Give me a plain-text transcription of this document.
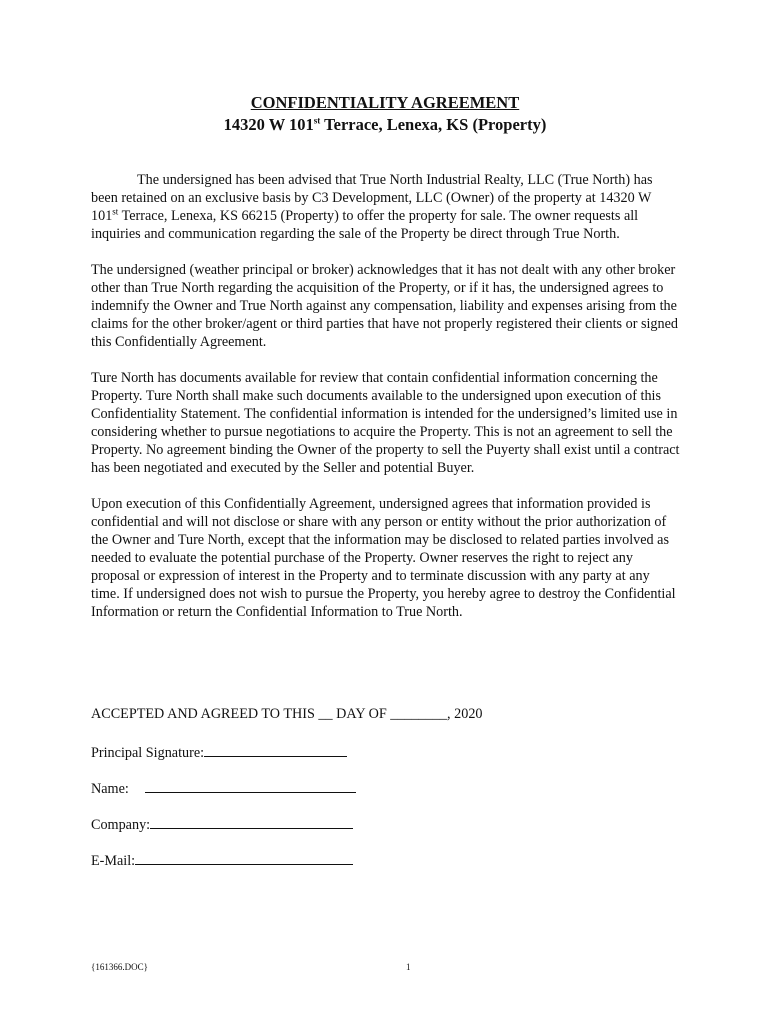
CONFIDENTIALITY AGREEMENT
14320 W 101st Terrace, Lenexa, KS (Property)

The undersigned has been advised that True North Industrial Realty, LLC (True North) has been retained on an exclusive basis by C3 Development, LLC (Owner) of the property at 14320 W 101st Terrace, Lenexa, KS 66215 (Property) to offer the property for sale. The owner requests all inquiries and communication regarding the sale of the Property be direct through True North.

The undersigned (weather principal or broker) acknowledges that it has not dealt with any other broker other than True North regarding the acquisition of the Property, or if it has, the undersigned agrees to indemnify the Owner and True North against any compensation, liability and expenses arising from the claims for the other broker/agent or third parties that have not properly registered their clients or signed this Confidentially Agreement.

Ture North has documents available for review that contain confidential information concerning the Property. Ture North shall make such documents available to the undersigned upon execution of this Confidentiality Statement. The confidential information is intended for the undersigned’s limited use in considering whether to pursue negotiations to acquire the Property. This is not an agreement to sell the Property. No agreement binding the Owner of the property to sell the Puyerty shall exist until a contract has been negotiated and executed by the Seller and potential Buyer.

Upon execution of this Confidentially Agreement, undersigned agrees that information provided is confidential and will not disclose or share with any person or entity without the prior authorization of the Owner and Ture North, except that the information may be disclosed to related parties involved as needed to evaluate the potential purchase of the Property. Owner reserves the right to reject any proposal or expression of interest in the Property and to terminate discussion with any party at any time. If undersigned does not wish to pursue the Property, you hereby agree to destroy the Confidential Information or return the Confidential Information to True North.

ACCEPTED AND AGREED TO THIS __ DAY OF ________, 2020
Principal Signature:
Name:
Company:
E-Mail:
{161366.DOC}	1
